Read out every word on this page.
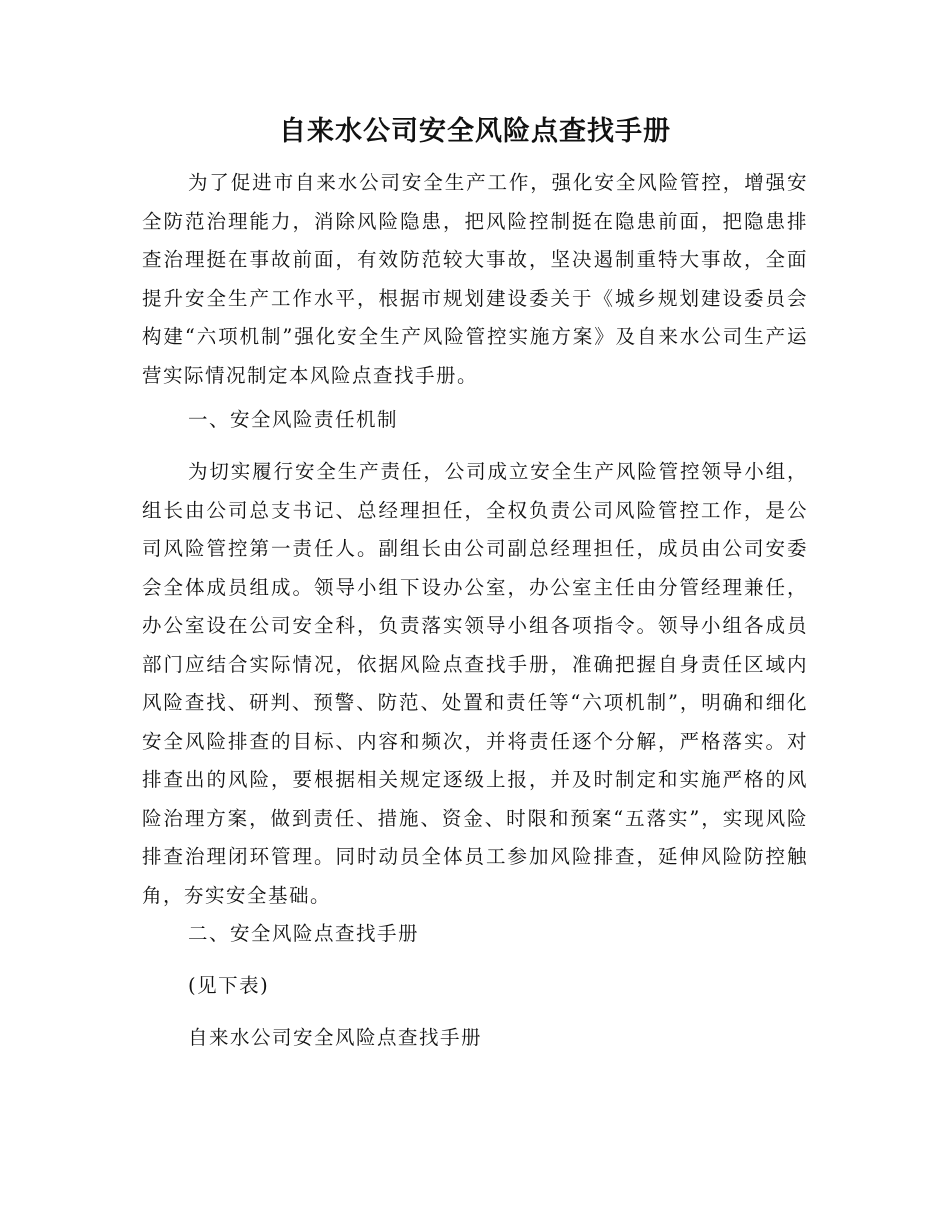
自来水公司安全风险点查找手册

为了促进市自来水公司安全生产工作，强化安全风险管控，增强安全防范治理能力，消除风险隐患，把风险控制挺在隐患前面，把隐患排查治理挺在事故前面，有效防范较大事故，坚决遏制重特大事故，全面提升安全生产工作水平，根据市规划建设委关于《城乡规划建设委员会构建“六项机制”强化安全生产风险管控实施方案》及自来水公司生产运营实际情况制定本风险点查找手册。

一、安全风险责任机制

为切实履行安全生产责任，公司成立安全生产风险管控领导小组，组长由公司总支书记、总经理担任，全权负责公司风险管控工作，是公司风险管控第一责任人。副组长由公司副总经理担任，成员由公司安委会全体成员组成。领导小组下设办公室，办公室主任由分管经理兼任，办公室设在公司安全科，负责落实领导小组各项指令。领导小组各成员部门应结合实际情况，依据风险点查找手册，准确把握自身责任区域内风险查找、研判、预警、防范、处置和责任等“六项机制”，明确和细化安全风险排查的目标、内容和频次，并将责任逐个分解，严格落实。对排查出的风险，要根据相关规定逐级上报，并及时制定和实施严格的风险治理方案，做到责任、措施、资金、时限和预案“五落实”，实现风险排查治理闭环管理。同时动员全体员工参加风险排查，延伸风险防控触角，夯实安全基础。

二、安全风险点查找手册

(见下表)

自来水公司安全风险点查找手册
